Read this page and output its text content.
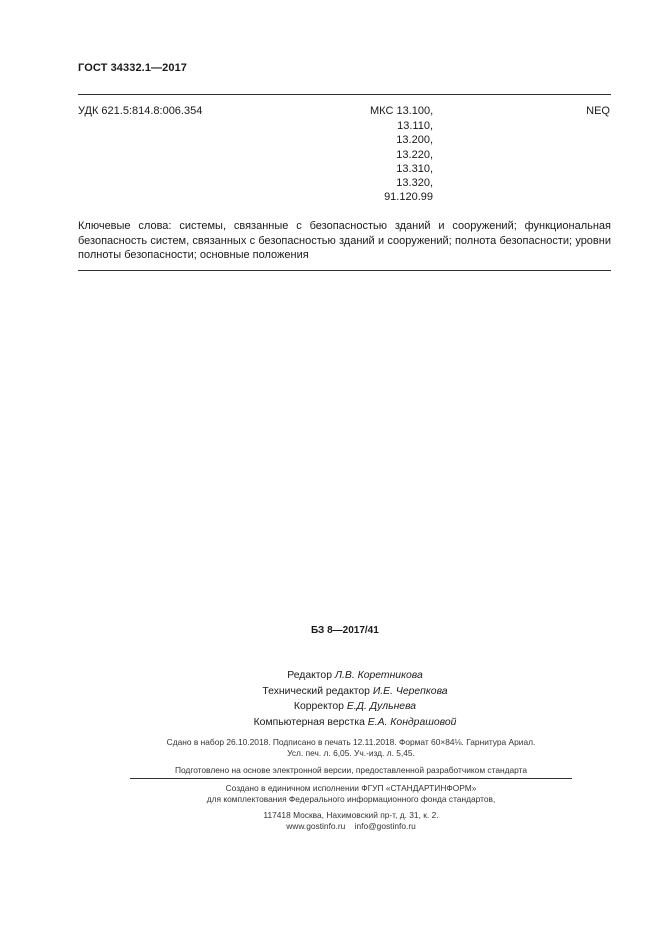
ГОСТ 34332.1—2017
УДК 621.5:814.8:006.354	МКС 13.100,
13.110,
13.200,
13.220,
13.310,
13.320,
91.120.99
NEQ
Ключевые слова: системы, связанные с безопасностью зданий и сооружений; функциональная безопасность систем, связанных с безопасностью зданий и сооружений; полнота безопасности; уровни полноты безопасности; основные положения
БЗ 8—2017/41
Редактор Л.В. Коретникова
Технический редактор И.Е. Черепкова
Корректор Е.Д. Дульнева
Компьютерная верстка Е.А. Кондрашовой
Сдано в набор 26.10.2018. Подписано в печать 12.11.2018. Формат 60×84⅛. Гарнитура Ариал.
Усл. печ. л. 6,05. Уч.-изд. л. 5,45.
Подготовлено на основе электронной версии, предоставленной разработчиком стандарта
Создано в единичном исполнении ФГУП «СТАНДАРТИНФОРМ»
для комплектования Федерального информационного фонда стандартов,
117418 Москва, Нахимовский пр-т, д. 31, к. 2.
www.gostinfo.ru info@gostinfo.ru
